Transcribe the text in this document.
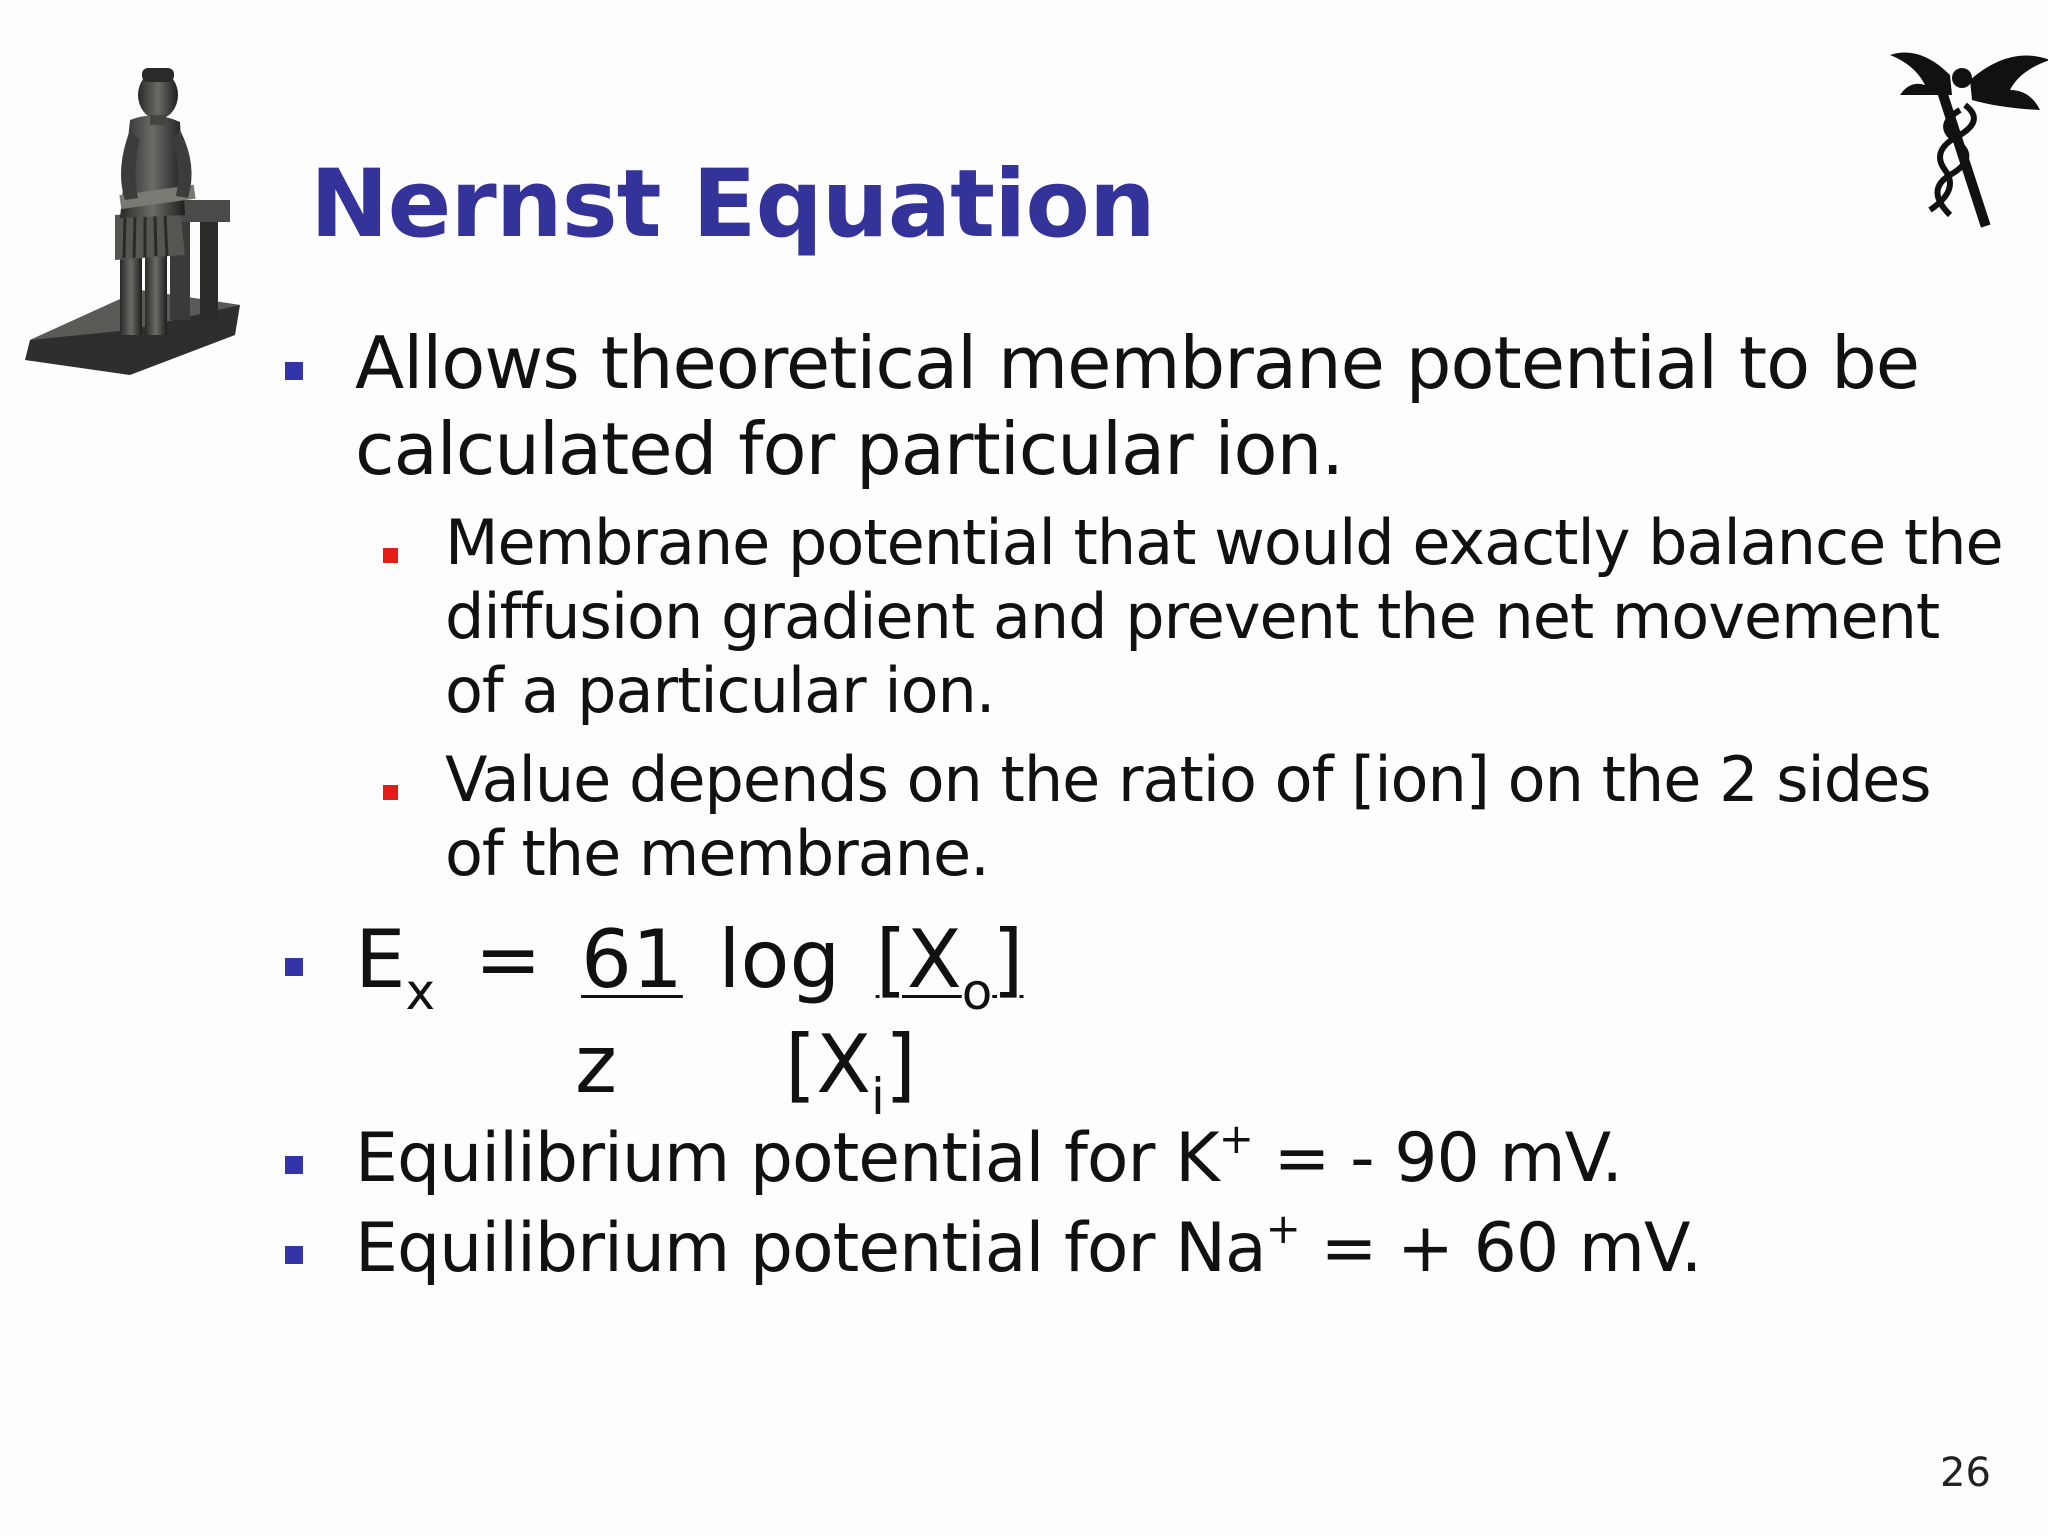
Nernst Equation
Allows theoretical membrane potential to be
calculated for particular ion.
Membrane potential that would exactly balance the
diffusion gradient and prevent the net movement
of a particular ion.
Value depends on the ratio of [ion] on the 2 sides
of the membrane.
$E_x = 61$ $\log [X_o]$
z $[X_i]$
Equilibrium potential for K+ = - 90 mV.
Equilibrium potential for Na+ = + 60 mV.
26
